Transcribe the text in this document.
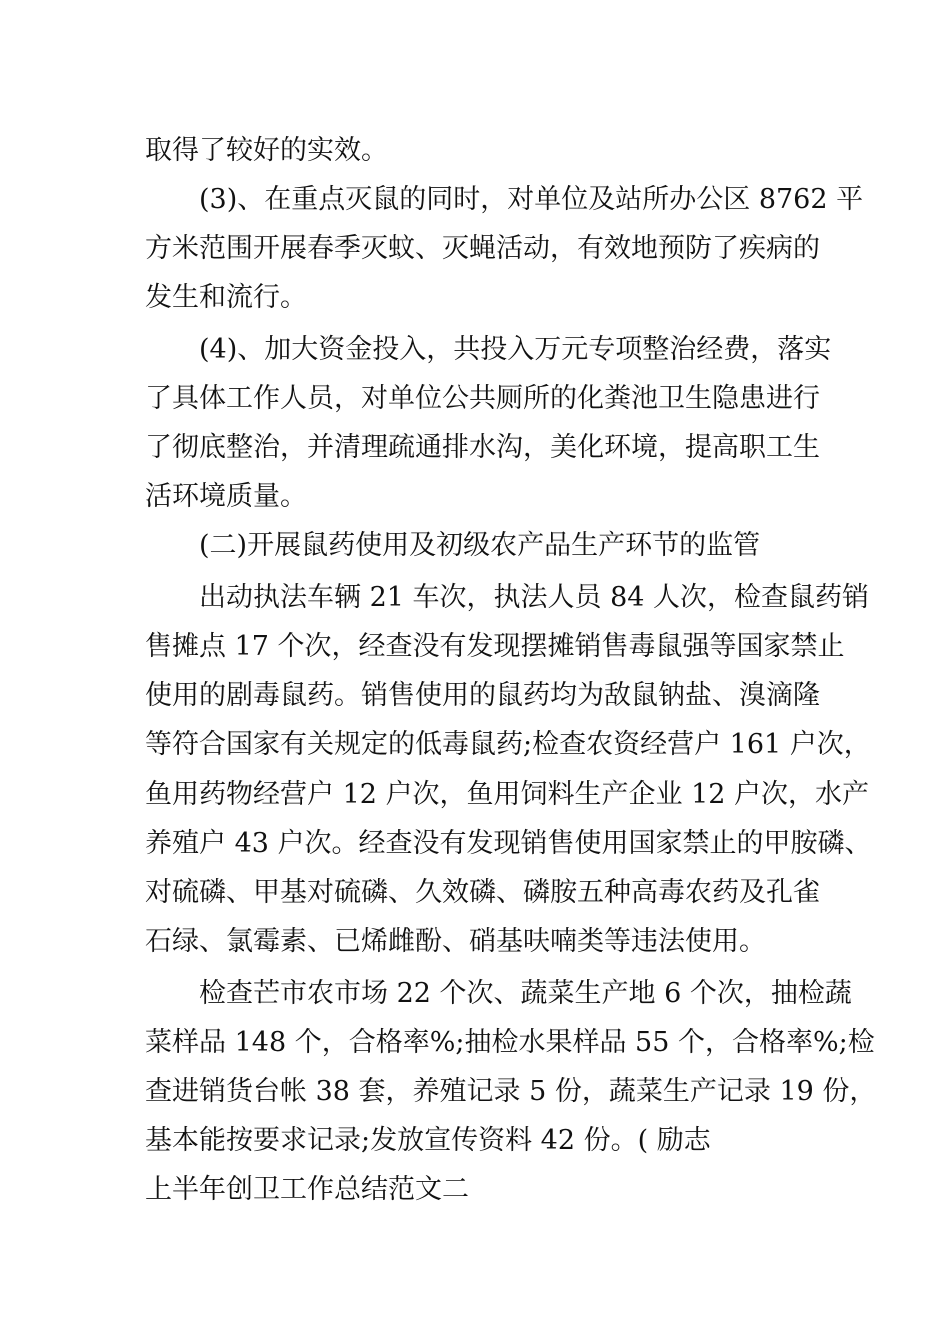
取得了较好的实效。
(3)、在重点灭鼠的同时，对单位及站所办公区 8762 平
方米范围开展春季灭蚊、灭蝇活动，有效地预防了疾病的
发生和流行。
(4)、加大资金投入，共投入万元专项整治经费，落实
了具体工作人员，对单位公共厕所的化粪池卫生隐患进行
了彻底整治，并清理疏通排水沟，美化环境，提高职工生
活环境质量。
(二)开展鼠药使用及初级农产品生产环节的监管
出动执法车辆 21 车次，执法人员 84 人次，检查鼠药销
售摊点 17 个次，经查没有发现摆摊销售毒鼠强等国家禁止
使用的剧毒鼠药。销售使用的鼠药均为敌鼠钠盐、溴滴隆
等符合国家有关规定的低毒鼠药;检查农资经营户 161 户次，
鱼用药物经营户 12 户次，鱼用饲料生产企业 12 户次，水产
养殖户 43 户次。经查没有发现销售使用国家禁止的甲胺磷、
对硫磷、甲基对硫磷、久效磷、磷胺五种高毒农药及孔雀
石绿、氯霉素、已烯雌酚、硝基呋喃类等违法使用。
检查芒市农市场 22 个次、蔬菜生产地 6 个次，抽检蔬
菜样品 148 个，合格率%;抽检水果样品 55 个，合格率%;检
查进销货台帐 38 套，养殖记录 5 份，蔬菜生产记录 19 份，
基本能按要求记录;发放宣传资料 42 份。( 励志
上半年创卫工作总结范文二
